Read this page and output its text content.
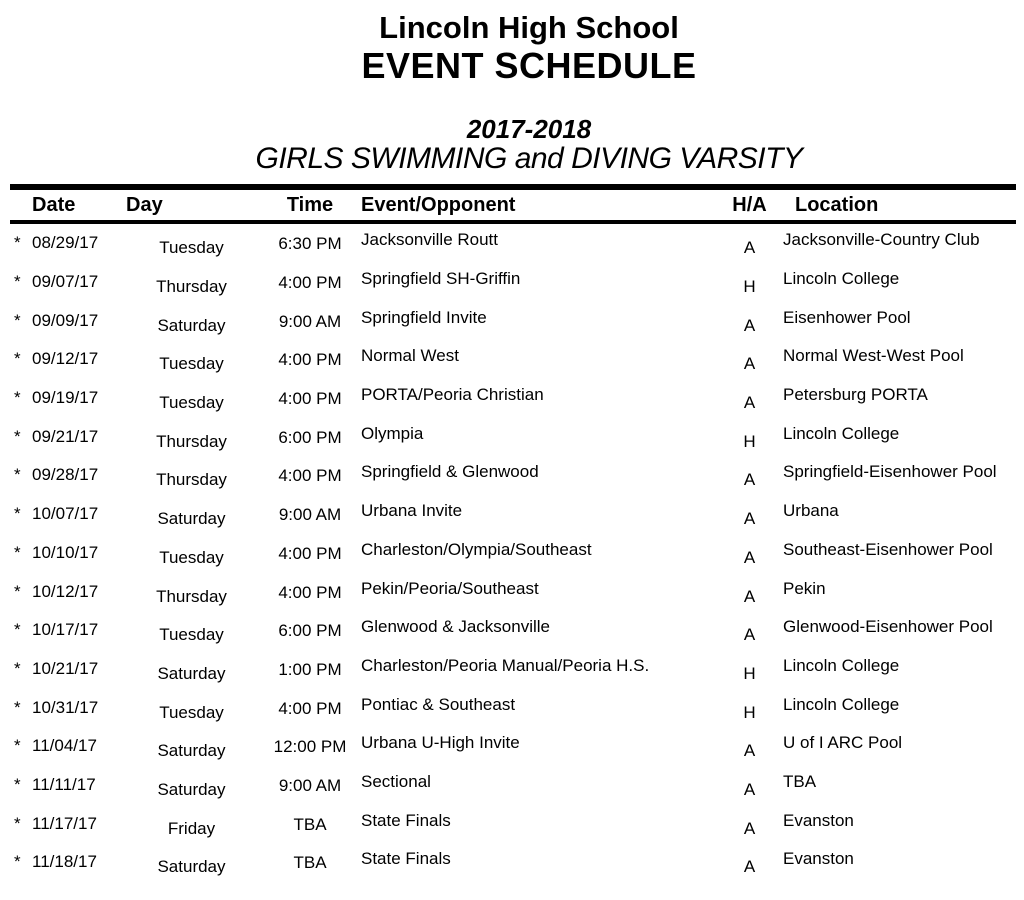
Lincoln High School
EVENT SCHEDULE
2017-2018
GIRLS SWIMMING and DIVING VARSITY
Date	Day	Time	Event/Opponent	H/A	Location
* 08/29/17	Tuesday	6:30 PM	Jacksonville Routt	A	Jacksonville-Country Club
* 09/07/17	Thursday	4:00 PM	Springfield SH-Griffin	H	Lincoln College
* 09/09/17	Saturday	9:00 AM	Springfield Invite	A	Eisenhower Pool
* 09/12/17	Tuesday	4:00 PM	Normal West	A	Normal West-West Pool
* 09/19/17	Tuesday	4:00 PM	PORTA/Peoria Christian	A	Petersburg PORTA
* 09/21/17	Thursday	6:00 PM	Olympia	H	Lincoln College
* 09/28/17	Thursday	4:00 PM	Springfield & Glenwood	A	Springfield-Eisenhower Pool
* 10/07/17	Saturday	9:00 AM	Urbana Invite	A	Urbana
* 10/10/17	Tuesday	4:00 PM	Charleston/Olympia/Southeast	A	Southeast-Eisenhower Pool
* 10/12/17	Thursday	4:00 PM	Pekin/Peoria/Southeast	A	Pekin
* 10/17/17	Tuesday	6:00 PM	Glenwood & Jacksonville	A	Glenwood-Eisenhower Pool
* 10/21/17	Saturday	1:00 PM	Charleston/Peoria Manual/Peoria H.S.	H	Lincoln College
* 10/31/17	Tuesday	4:00 PM	Pontiac & Southeast	H	Lincoln College
* 11/04/17	Saturday	12:00 PM Urbana U-High Invite	A	U of I ARC Pool
* 11/11/17	Saturday	9:00 AM	Sectional	A	TBA
* 11/17/17	Friday	TBA	State Finals	A	Evanston
* 11/18/17	Saturday	TBA	State Finals	A	Evanston
